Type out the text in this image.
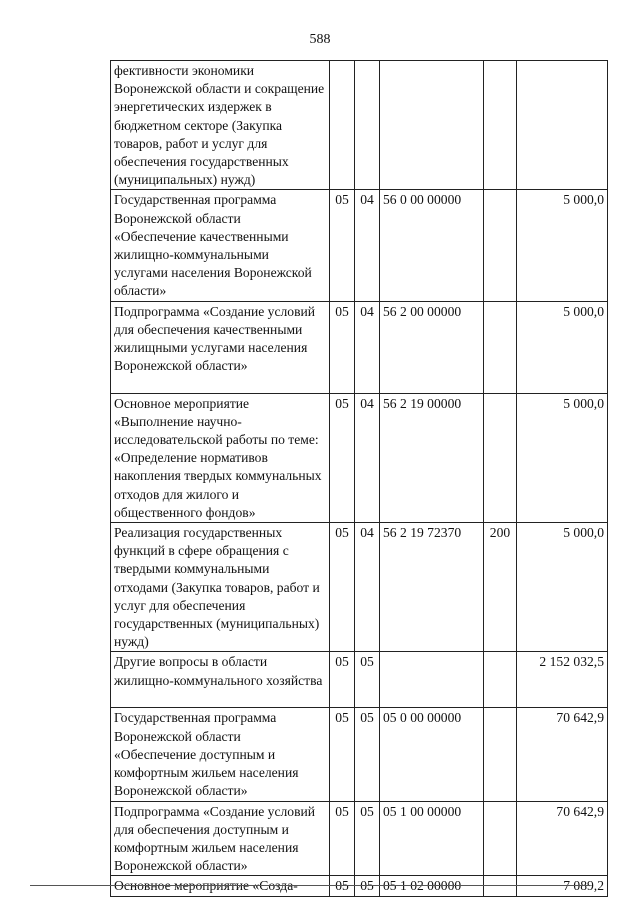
588
фективности экономики Воронежской области и сокращение энергетических издержек в бюджетном секторе (Закупка товаров, работ и услуг для обеспечения государственных (муниципальных) нужд)					
Государственная программа Воронежской области «Обеспечение качественными жилищно-коммунальными услугами населения Воронежской области»	05	04	56 0 00 00000		5 000,0
Подпрограмма «Создание условий для обеспечения качественными жилищными услугами населения Воронежской области»	05	04	56 2 00 00000		5 000,0
Основное мероприятие «Выполнение научно-исследовательской работы по теме: «Определение нормативов накопления твердых коммунальных отходов для жилого и общественного фондов»	05	04	56 2 19 00000		5 000,0
Реализация государственных функций в сфере обращения с твердыми коммунальными отходами (Закупка товаров, работ и услуг для обеспечения государственных (муниципальных) нужд)	05	04	56 2 19 72370	200	5 000,0
Другие вопросы в области жилищно-коммунального хозяйства	05	05			2 152 032,5
Государственная программа Воронежской области «Обеспечение доступным и комфортным жильем населения Воронежской области»	05	05	05 0 00 00000		70 642,9
Подпрограмма «Создание условий для обеспечения доступным и комфортным жильем населения Воронежской области»	05	05	05 1 00 00000		70 642,9
Основное мероприятие «Созда-	05	05	05 1 02 00000		7 089,2
